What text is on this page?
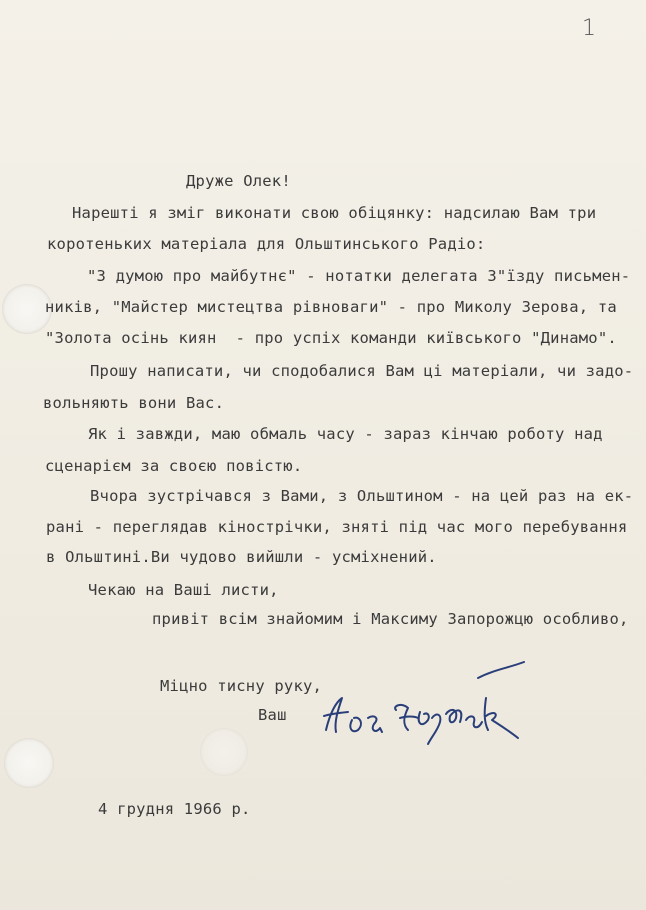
1
Друже Олек!
Нарешті я зміг виконати свою обіцянку: надсилаю Вам три
коротеньких матеріала для Ольштинського Радіо:
"З думою про майбутнє" - нотатки делегата З"їзду письмен-
ників, "Майстер мистецтва рівноваги" - про Миколу Зерова, та
"Золота осінь киян  - про успіх команди київського "Динамо".
Прошу написати, чи сподобалися Вам ці матеріали, чи задо-
вольняють вони Вас.
Як і завжди, маю обмаль часу - зараз кінчаю роботу над
сценарієм за своєю повістю.
Вчора зустрічався з Вами, з Ольштином - на цей раз на ек-
рані - переглядав кінострічки, зняті під час мого перебування
в Ольштині.Ви чудово вийшли - усміхнений.
Чекаю на Ваші листи,
привіт всім знайомим і Максиму Запорожцю особливо,
Міцно тисну руку,
Ваш
4 грудня 1966 р.
